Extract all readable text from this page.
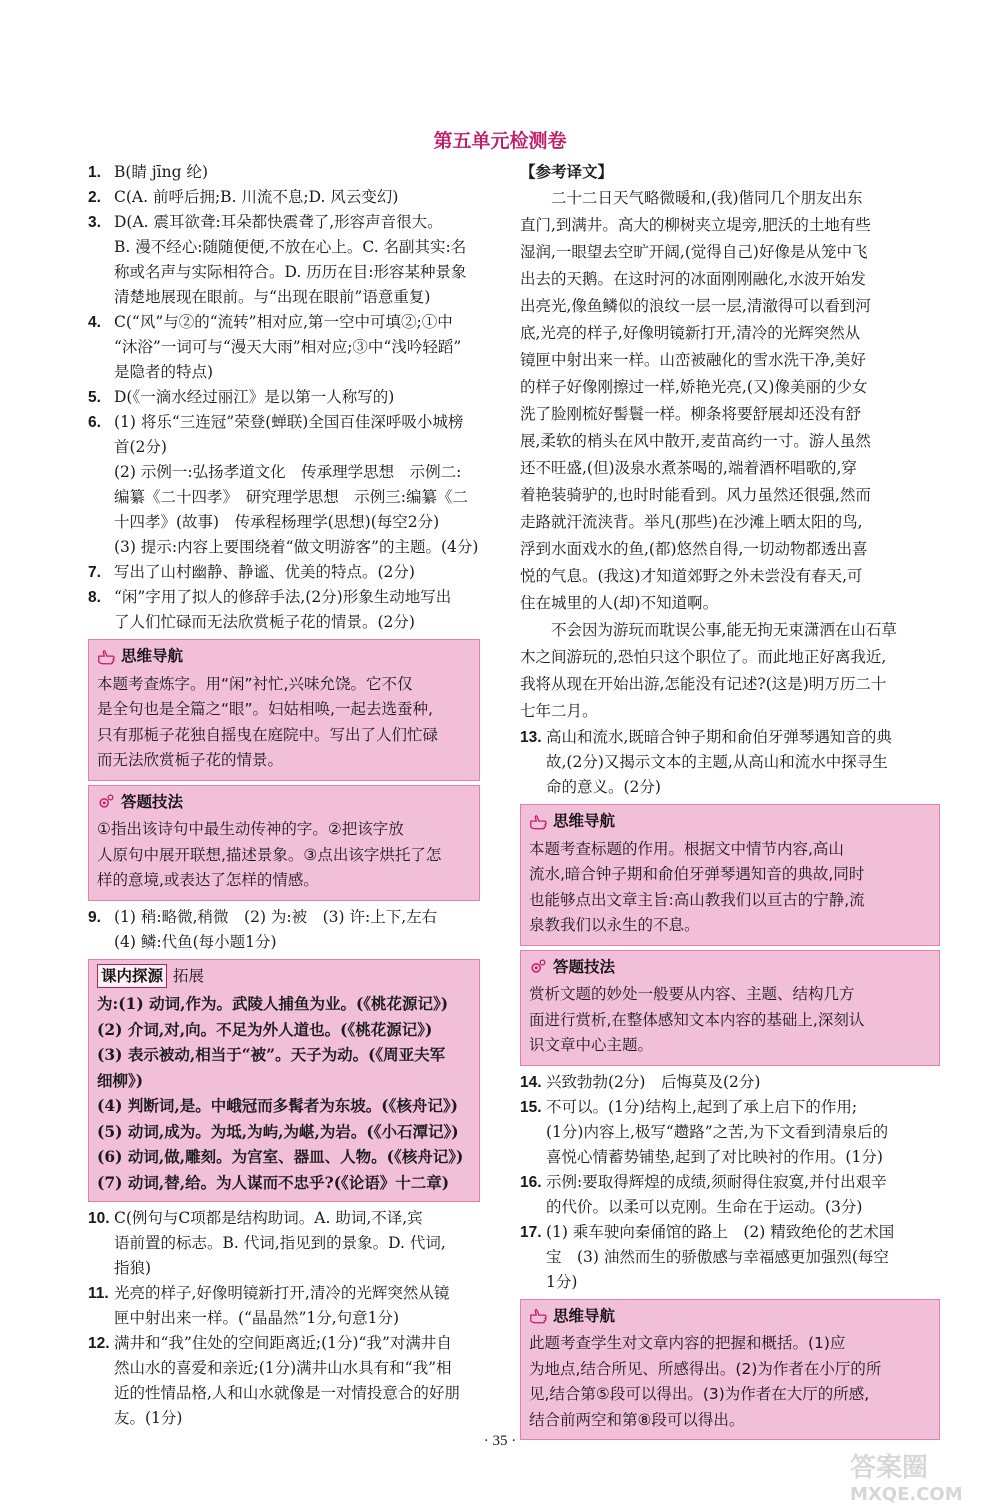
第五单元检测卷
1. B(睛 jīng 纶)
2. C(A. 前呼后拥;B. 川流不息;D. 风云变幻)
3. D(A. 震耳欲聋:耳朵都快震聋了,形容声音很大。
B. 漫不经心:随随便便,不放在心上。C. 名副其实:名
称或名声与实际相符合。D. 历历在目:形容某种景象
清楚地展现在眼前。与“出现在眼前”语意重复)
4. C(“风”与②的“流转”相对应,第一空中可填②;①中
“沐浴”一词可与“漫天大雨”相对应;③中“浅吟轻蹈”
是隐者的特点)
5. D(《一滴水经过丽江》是以第一人称写的)
6. (1) 将乐“三连冠”荣登(蝉联)全国百佳深呼吸小城榜
首(2分)
(2) 示例一:弘扬孝道文化　传承理学思想　示例二:
编纂《二十四孝》　研究理学思想　示例三:编纂《二
十四孝》(故事)　传承程杨理学(思想)(每空2分)
(3) 提示:内容上要围绕着“做文明游客”的主题。(4分)
7. 写出了山村幽静、静谧、优美的特点。(2分)
8. “闲”字用了拟人的修辞手法,(2分)形象生动地写出
了人们忙碌而无法欣赏栀子花的情景。(2分)
思维导航
本题考查炼字。用“闲”衬忙,兴味允饶。它不仅
是全句也是全篇之“眼”。妇姑相唤,一起去选蚕种,
只有那栀子花独自摇曳在庭院中。写出了人们忙碌
而无法欣赏栀子花的情景。
答题技法
①指出该诗句中最生动传神的字。②把该字放
人原句中展开联想,描述景象。③点出该字烘托了怎
样的意境,或表达了怎样的情感。
9. (1) 稍:略微,稍微　(2) 为:被　(3) 许:上下,左右
(4) 鳞:代鱼(每小题1分)
课内探源 拓展
为:(1) 动词,作为。武陵人捕鱼为业。(《桃花源记》)
(2) 介词,对,向。不足为外人道也。(《桃花源记》)
(3) 表示被动,相当于“被”。天子为动。(《周亚夫军
细柳》)
(4) 判断词,是。中峨冠而多髯者为东坡。(《核舟记》)
(5) 动词,成为。为坻,为屿,为嵁,为岩。(《小石潭记》)
(6) 动词,做,雕刻。为宫室、器皿、人物。(《核舟记》)
(7) 动词,替,给。为人谋而不忠乎?(《论语》十二章)
10. C(例句与C项都是结构助词。A. 助词,不译,宾
语前置的标志。B. 代词,指见到的景象。D. 代词,
指狼)
11. 光亮的样子,好像明镜新打开,清冷的光辉突然从镜
匣中射出来一样。(“晶晶然”1分,句意1分)
12. 满井和“我”住处的空间距离近;(1分)“我”对满井自
然山水的喜爱和亲近;(1分)满井山水具有和“我”相
近的性情品格,人和山水就像是一对情投意合的好朋
友。(1分)
【参考译文】
二十二日天气略微暖和,(我)偕同几个朋友出东
直门,到满井。高大的柳树夹立堤旁,肥沃的土地有些
湿润,一眼望去空旷开阔,(觉得自己)好像是从笼中飞
出去的天鹅。在这时河的冰面刚刚融化,水波开始发
出亮光,像鱼鳞似的浪纹一层一层,清澈得可以看到河
底,光亮的样子,好像明镜新打开,清冷的光辉突然从
镜匣中射出来一样。山峦被融化的雪水洗干净,美好
的样子好像刚擦过一样,娇艳光亮,(又)像美丽的少女
洗了脸刚梳好髻鬟一样。柳条将要舒展却还没有舒
展,柔软的梢头在风中散开,麦苗高约一寸。游人虽然
还不旺盛,(但)汲泉水煮茶喝的,端着酒杯唱歌的,穿
着艳装骑驴的,也时时能看到。风力虽然还很强,然而
走路就汗流浃背。举凡(那些)在沙滩上晒太阳的鸟,
浮到水面戏水的鱼,(都)悠然自得,一切动物都透出喜
悦的气息。(我这)才知道郊野之外未尝没有春天,可
住在城里的人(却)不知道啊。
不会因为游玩而耽误公事,能无拘无束潇洒在山石草
木之间游玩的,恐怕只这个职位了。而此地正好离我近,
我将从现在开始出游,怎能没有记述?(这是)明万历二十
七年二月。
13. 高山和流水,既暗合钟子期和俞伯牙弹琴遇知音的典
故,(2分)又揭示文本的主题,从高山和流水中探寻生
命的意义。(2分)
思维导航
本题考查标题的作用。根据文中情节内容,高山
流水,暗合钟子期和俞伯牙弹琴遇知音的典故,同时
也能够点出文章主旨:高山教我们以亘古的宁静,流
泉教我们以永生的不息。
答题技法
赏析文题的妙处一般要从内容、主题、结构几方
面进行赏析,在整体感知文本内容的基础上,深刻认
识文章中心主题。
14. 兴致勃勃(2分)　后悔莫及(2分)
15. 不可以。(1分)结构上,起到了承上启下的作用;
(1分)内容上,极写“趱路”之苦,为下文看到清泉后的
喜悦心情蓄势铺垫,起到了对比映衬的作用。(1分)
16. 示例:要取得辉煌的成绩,须耐得住寂寞,并付出艰辛
的代价。以柔可以克刚。生命在于运动。(3分)
17. (1) 乘车驶向秦俑馆的路上　(2) 精致绝伦的艺术国
宝　(3) 油然而生的骄傲感与幸福感更加强烈(每空
1分)
思维导航
此题考查学生对文章内容的把握和概括。(1)应
为地点,结合所见、所感得出。(2)为作者在小厅的所
见,结合第⑤段可以得出。(3)为作者在大厅的所感,
结合前两空和第⑧段可以得出。
· 35 ·
答案圈
MXQE.COM
